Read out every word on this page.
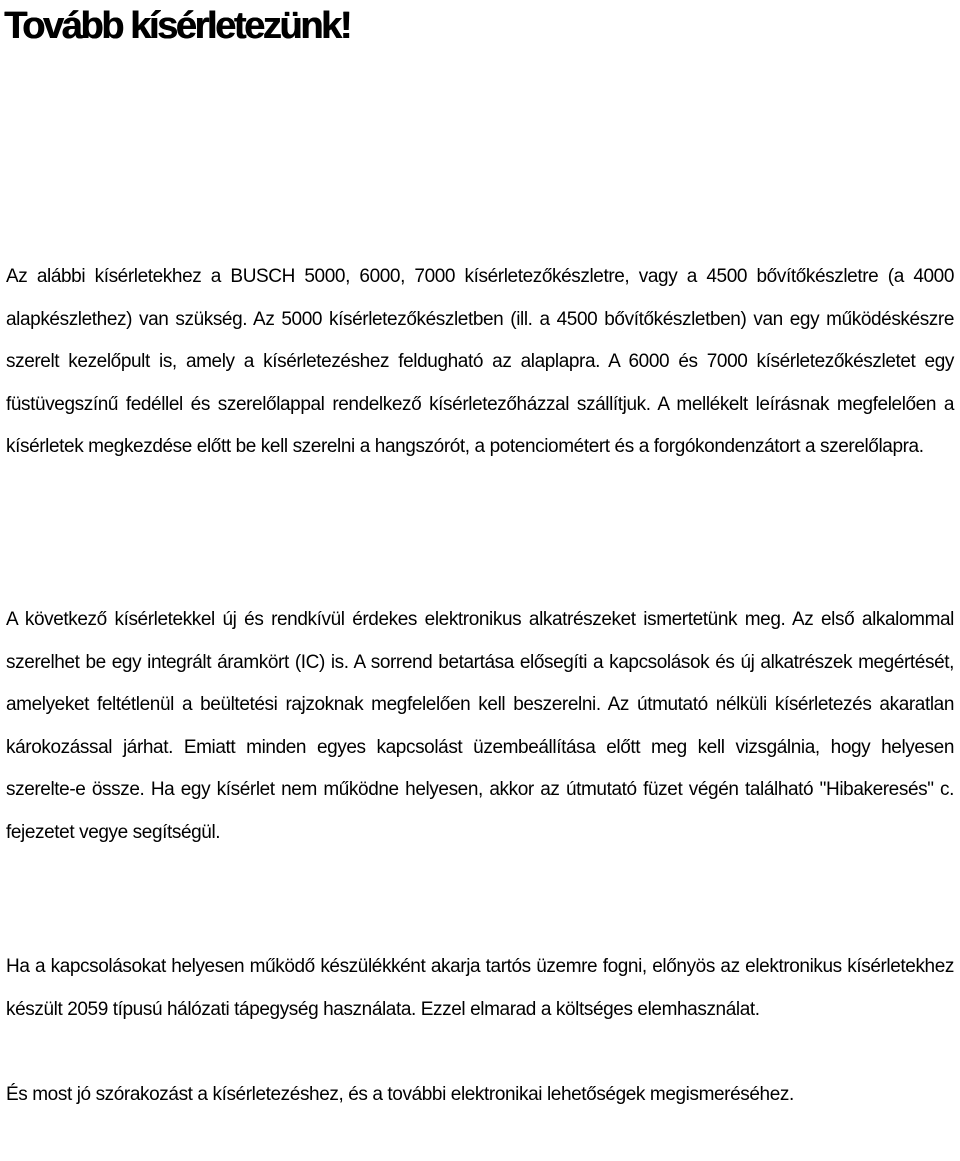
Tovább kísérletezünk!

Az alábbi kísérletekhez a BUSCH 5000, 6000, 7000 kísérletezőkészletre, vagy a 4500 bővítőkészletre (a 4000 alapkészlethez) van szükség. Az 5000 kísérletezőkészletben (ill. a 4500 bővítőkészletben) van egy működéskészre szerelt kezelőpult is, amely a kísérletezéshez feldugható az alaplapra. A 6000 és 7000 kísérletezőkészletet egy füstüvegszínű fedéllel és szerelőlappal rendelkező kísérletezőházzal szállítjuk. A mellékelt leírásnak megfelelően a kísérletek megkezdése előtt be kell szerelni a hangszórót, a potenciométert és a forgókondenzátort a szerelőlapra.

A következő kísérletekkel új és rendkívül érdekes elektronikus alkatrészeket ismertetünk meg. Az első alkalommal szerelhet be egy integrált áramkört (IC) is. A sorrend betartása elősegíti a kapcsolások és új alkatrészek megértését, amelyeket feltétlenül a beültetési rajzoknak megfelelően kell beszerelni. Az útmutató nélküli kísérletezés akaratlan károkozással járhat. Emiatt minden egyes kapcsolást üzembeállítása előtt meg kell vizsgálnia, hogy helyesen szerelte-e össze. Ha egy kísérlet nem működne helyesen, akkor az útmutató füzet végén található "Hibakeresés" c. fejezetet vegye segítségül.

Ha a kapcsolásokat helyesen működő készülékként akarja tartós üzemre fogni, előnyös az elektronikus kísérletekhez készült 2059 típusú hálózati tápegység használata. Ezzel elmarad a költséges elemhasználat.

És most jó szórakozást a kísérletezéshez, és a további elektronikai lehetőségek megismeréséhez.
